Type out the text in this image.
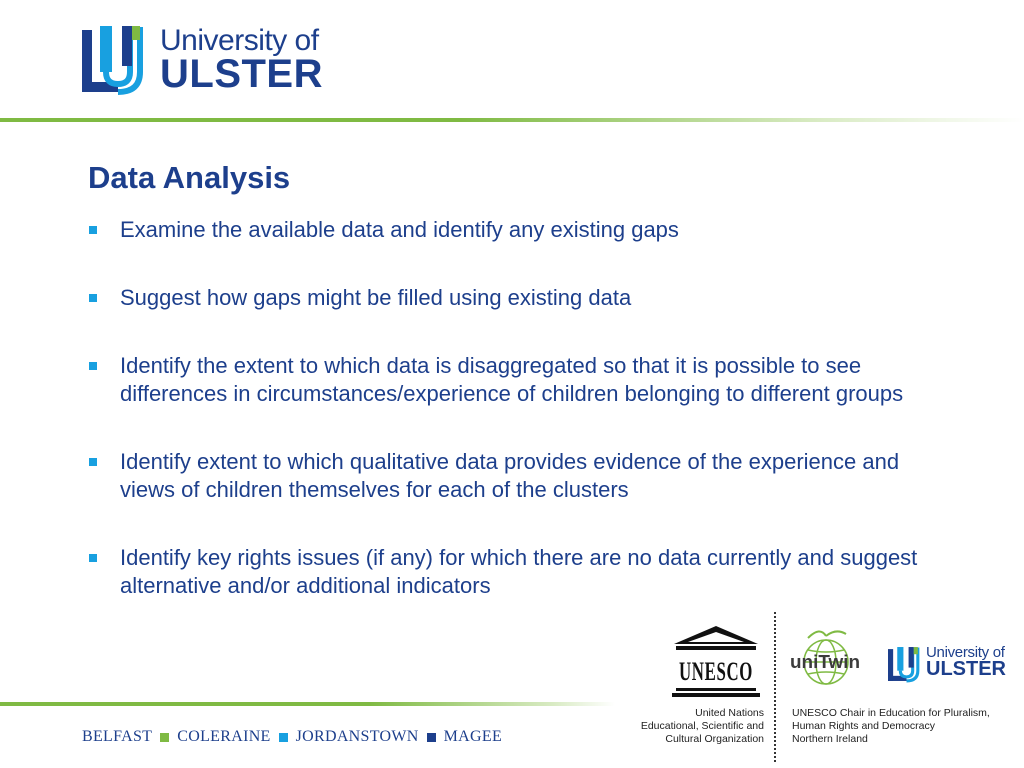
University of
ULSTER
Data Analysis
Examine the available data and identify any existing gaps
Suggest how gaps might be filled using existing data
Identify the extent to which data is disaggregated so that it is possible to see differences in circumstances/experience of children belonging to different groups
Identify extent to which qualitative data provides evidence of the experience and views of children themselves for each of the clusters
Identify key rights issues (if any) for which there are no data currently and suggest alternative and/or additional indicators
BELFAST COLERAINE JORDANSTOWN MAGEE
UNESCO
United Nations
Educational, Scientific and
Cultural Organization
uniTwin	University of
ULSTER
UNESCO Chair in Education for Pluralism,
Human Rights and Democracy
Northern Ireland
